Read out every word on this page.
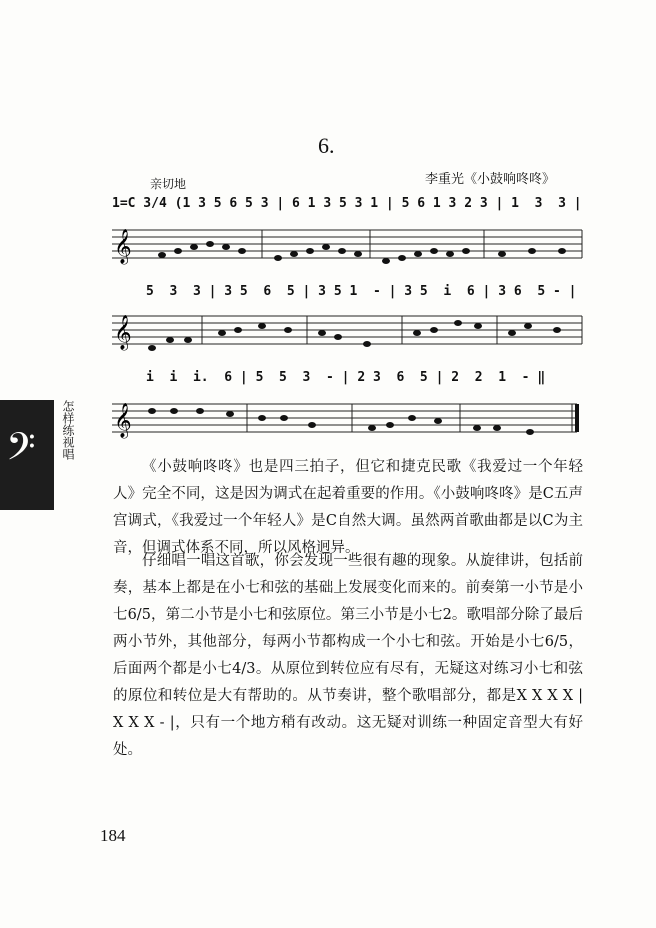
6.
亲切地	李重光《小鼓响咚咚》
1=C 3/4 (1 3 5 6 5 3 | 6 1 3 5 3 1 | 5 6 1 3 2 3 | 1  3  3 |
𝄞
5  3  3 | 3 5  6  5 | 3 5 1  - | 3 5  i  6 | 3 6  5 - |
𝄞
i  i  i.  6 | 5  5  3  - | 2 3  6  5 | 2  2  1  - ‖
𝄞
𝄢 怎样练视唱
《小鼓响咚咚》也是四三拍子，但它和捷克民歌《我爱过一个年轻人》完全不同，这是因为调式在起着重要的作用。《小鼓响咚咚》是C五声宫调式，《我爱过一个年轻人》是C自然大调。虽然两首歌曲都是以C为主音，但调式体系不同，所以风格迥异。
仔细唱一唱这首歌，你会发现一些很有趣的现象。从旋律讲，包括前奏，基本上都是在小七和弦的基础上发展变化而来的。前奏第一小节是小七6/5，第二小节是小七和弦原位。第三小节是小七2。歌唱部分除了最后两小节外，其他部分，每两小节都构成一个小七和弦。开始是小七6/5，后面两个都是小七4/3。从原位到转位应有尽有，无疑这对练习小七和弦的原位和转位是大有帮助的。从节奏讲，整个歌唱部分，都是X X X X | X X X - |，只有一个地方稍有改动。这无疑对训练一种固定音型大有好处。
184
